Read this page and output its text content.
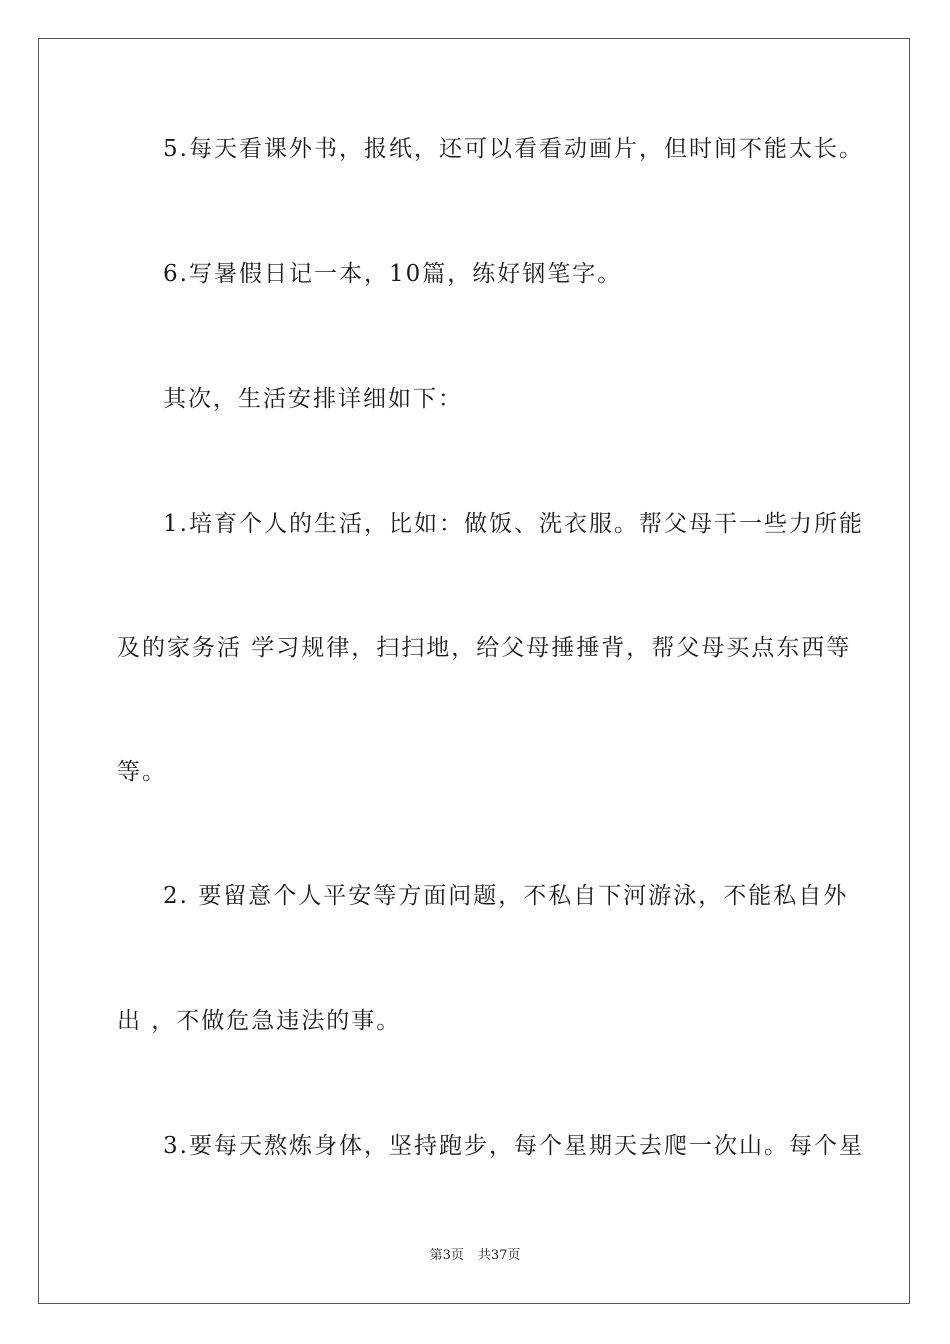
5.每天看课外书，报纸，还可以看看动画片，但时间不能太长。
6.写暑假日记一本，10篇，练好钢笔字。
其次，生活安排详细如下：
1.培育个人的生活，比如：做饭、洗衣服。帮父母干一些力所能
及的家务活 学习规律，扫扫地，给父母捶捶背，帮父母买点东西等
等。
2. 要留意个人平安等方面问题，不私自下河游泳，不能私自外
出 ，不做危急违法的事。
3.要每天熬炼身体，坚持跑步，每个星期天去爬一次山。每个星
第3页 共37页
